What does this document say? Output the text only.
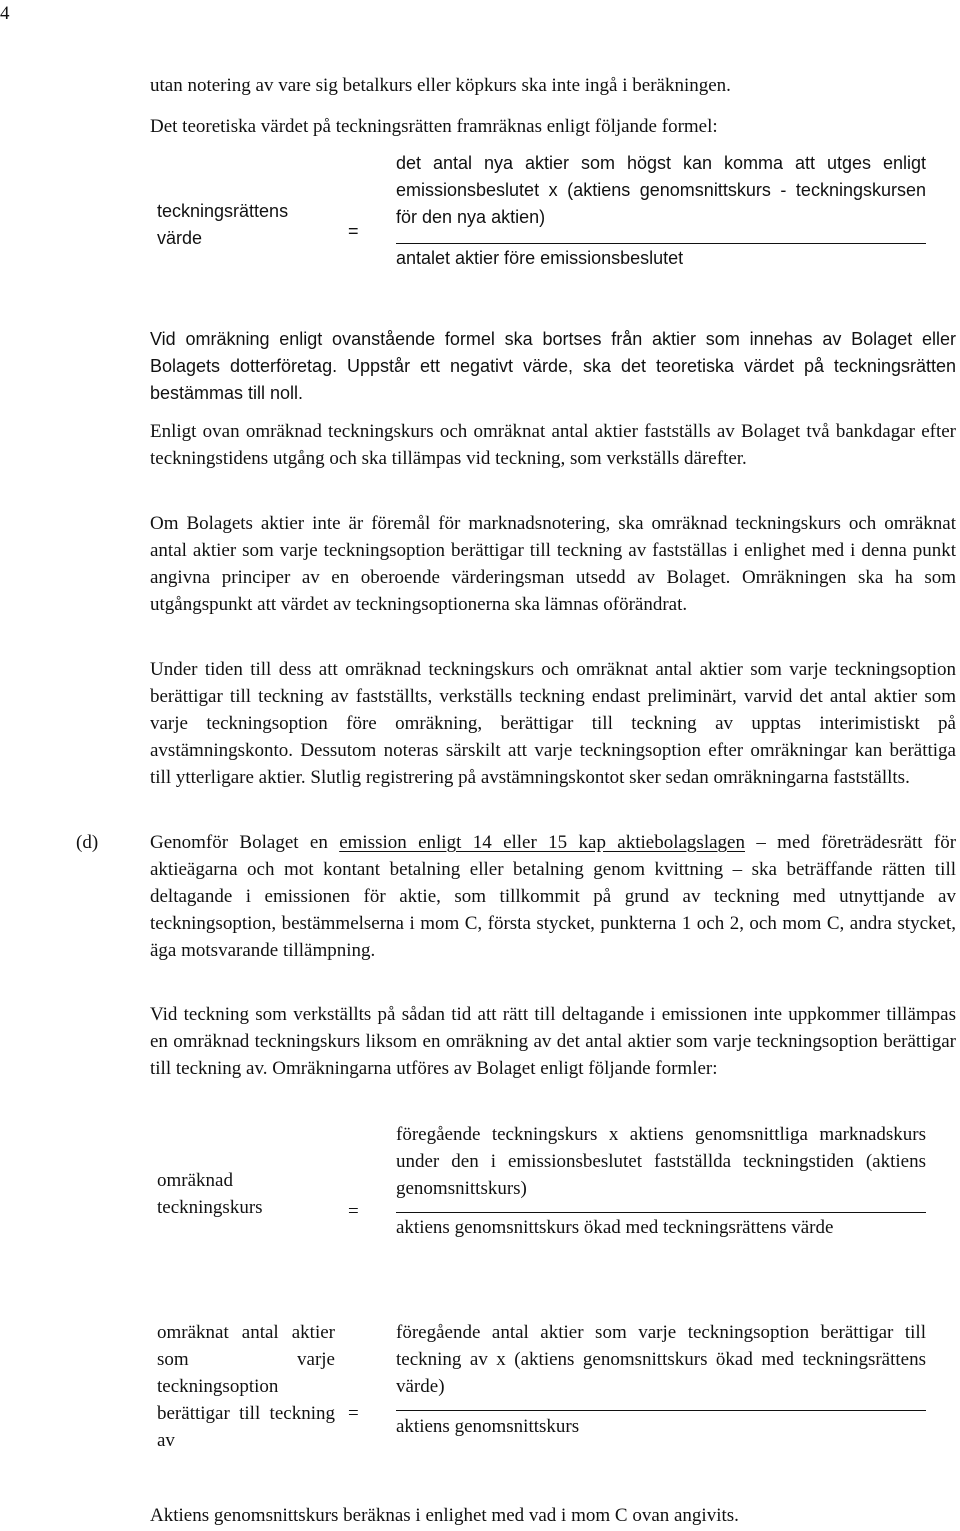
4
utan notering av vare sig betalkurs eller köpkurs ska inte ingå i beräkningen.
Det teoretiska värdet på teckningsrätten framräknas enligt följande formel:
teckningsrättens värde	=
det antal nya aktier som högst kan komma att utges enligt emissionsbeslutet x (aktiens genomsnittskurs - teckningskursen för den nya aktien)
antalet aktier före emissionsbeslutet
Vid omräkning enligt ovanstående formel ska bortses från aktier som innehas av Bolaget eller Bolagets dotterföretag. Uppstår ett negativt värde, ska det teoretiska värdet på teckningsrätten bestämmas till noll.
Enligt ovan omräknad teckningskurs och omräknat antal aktier fastställs av Bolaget två bankdagar efter teckningstidens utgång och ska tillämpas vid teckning, som verkställs därefter.
Om Bolagets aktier inte är föremål för marknadsnotering, ska omräknad teckningskurs och omräknat antal aktier som varje teckningsoption berättigar till teckning av fastställas i enlighet med i denna punkt angivna principer av en oberoende värderingsman utsedd av Bolaget. Omräkningen ska ha som utgångspunkt att värdet av teckningsoptionerna ska lämnas oförändrat.
Under tiden till dess att omräknad teckningskurs och omräknat antal aktier som varje teckningsoption berättigar till teckning av fastställts, verkställs teckning endast preliminärt, varvid det antal aktier som varje teckningsoption före omräkning, berättigar till teckning av upptas interimistiskt på avstämningskonto. Dessutom noteras särskilt att varje teckningsoption efter omräkningar kan berättiga till ytterligare aktier. Slutlig registrering på avstämningskontot sker sedan omräkningarna fastställts.
(d)	Genomför Bolaget en emission enligt 14 eller 15 kap aktiebolagslagen – med företrädesrätt för aktieägarna och mot kontant betalning eller betalning genom kvittning – ska beträffande rätten till deltagande i emissionen för aktie, som tillkommit på grund av teckning med utnyttjande av teckningsoption, bestämmelserna i mom C, första stycket, punkterna 1 och 2, och mom C, andra stycket, äga motsvarande tillämpning.
Vid teckning som verkställts på sådan tid att rätt till deltagande i emissionen inte uppkommer tillämpas en omräknad teckningskurs liksom en omräkning av det antal aktier som varje teckningsoption berättigar till teckning av. Omräkningarna utföres av Bolaget enligt följande formler:
omräknad teckningskurs	=
föregående teckningskurs x aktiens genomsnittliga marknadskurs under den i emissionsbeslutet fastställda teckningstiden (aktiens genomsnittskurs)
aktiens genomsnittskurs ökad med teckningsrättens värde
omräknat antal aktier som varje teckningsoption berättigar till teckning av
=
föregående antal aktier som varje teckningsoption berättigar till teckning av x (aktiens genomsnittskurs ökad med teckningsrättens värde)
aktiens genomsnittskurs
Aktiens genomsnittskurs beräknas i enlighet med vad i mom C ovan angivits.
